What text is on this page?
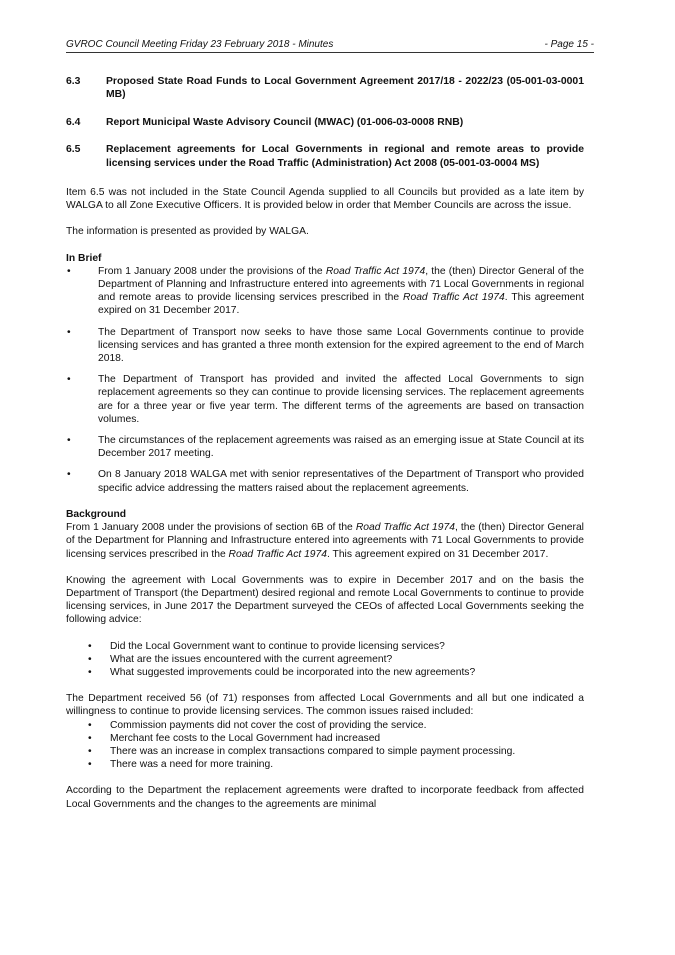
GVROC Council Meeting Friday 23 February 2018 - Minutes	- Page 15 -
6.3	Proposed State Road Funds to Local Government Agreement 2017/18 - 2022/23 (05-001-03-0001 MB)
6.4	Report Municipal Waste Advisory Council (MWAC) (01-006-03-0008 RNB)
6.5	Replacement agreements for Local Governments in regional and remote areas to provide licensing services under the Road Traffic (Administration) Act 2008 (05-001-03-0004 MS)

Item 6.5 was not included in the State Council Agenda supplied to all Councils but provided as a late item by WALGA to all Zone Executive Officers. It is provided below in order that Member Councils are across the issue.

The information is presented as provided by WALGA.

In Brief

•	From 1 January 2008 under the provisions of the Road Traffic Act 1974, the (then) Director General of the Department of Planning and Infrastructure entered into agreements with 71 Local Governments in regional and remote areas to provide licensing services prescribed in the Road Traffic Act 1974. This agreement expired on 31 December 2017.
•	The Department of Transport now seeks to have those same Local Governments continue to provide licensing services and has granted a three month extension for the expired agreement to the end of March 2018.
•	The Department of Transport has provided and invited the affected Local Governments to sign replacement agreements so they can continue to provide licensing services. The replacement agreements are for a three year or five year term. The different terms of the agreements are based on transaction volumes.
•	The circumstances of the replacement agreements was raised as an emerging issue at State Council at its December 2017 meeting.
•	On 8 January 2018 WALGA met with senior representatives of the Department of Transport who provided specific advice addressing the matters raised about the replacement agreements.

Background

From 1 January 2008 under the provisions of section 6B of the Road Traffic Act 1974, the (then) Director General of the Department for Planning and Infrastructure entered into agreements with 71 Local Governments to provide licensing services prescribed in the Road Traffic Act 1974. This agreement expired on 31 December 2017.

Knowing the agreement with Local Governments was to expire in December 2017 and on the basis the Department of Transport (the Department) desired regional and remote Local Governments to continue to provide licensing services, in June 2017 the Department surveyed the CEOs of affected Local Governments seeking the following advice:

• Did the Local Government want to continue to provide licensing services?
• What are the issues encountered with the current agreement?
• What suggested improvements could be incorporated into the new agreements?

The Department received 56 (of 71) responses from affected Local Governments and all but one indicated a willingness to continue to provide licensing services. The common issues raised included:

• Commission payments did not cover the cost of providing the service.
• Merchant fee costs to the Local Government had increased
• There was an increase in complex transactions compared to simple payment processing.
• There was a need for more training.

According to the Department the replacement agreements were drafted to incorporate feedback from affected Local Governments and the changes to the agreements are minimal
